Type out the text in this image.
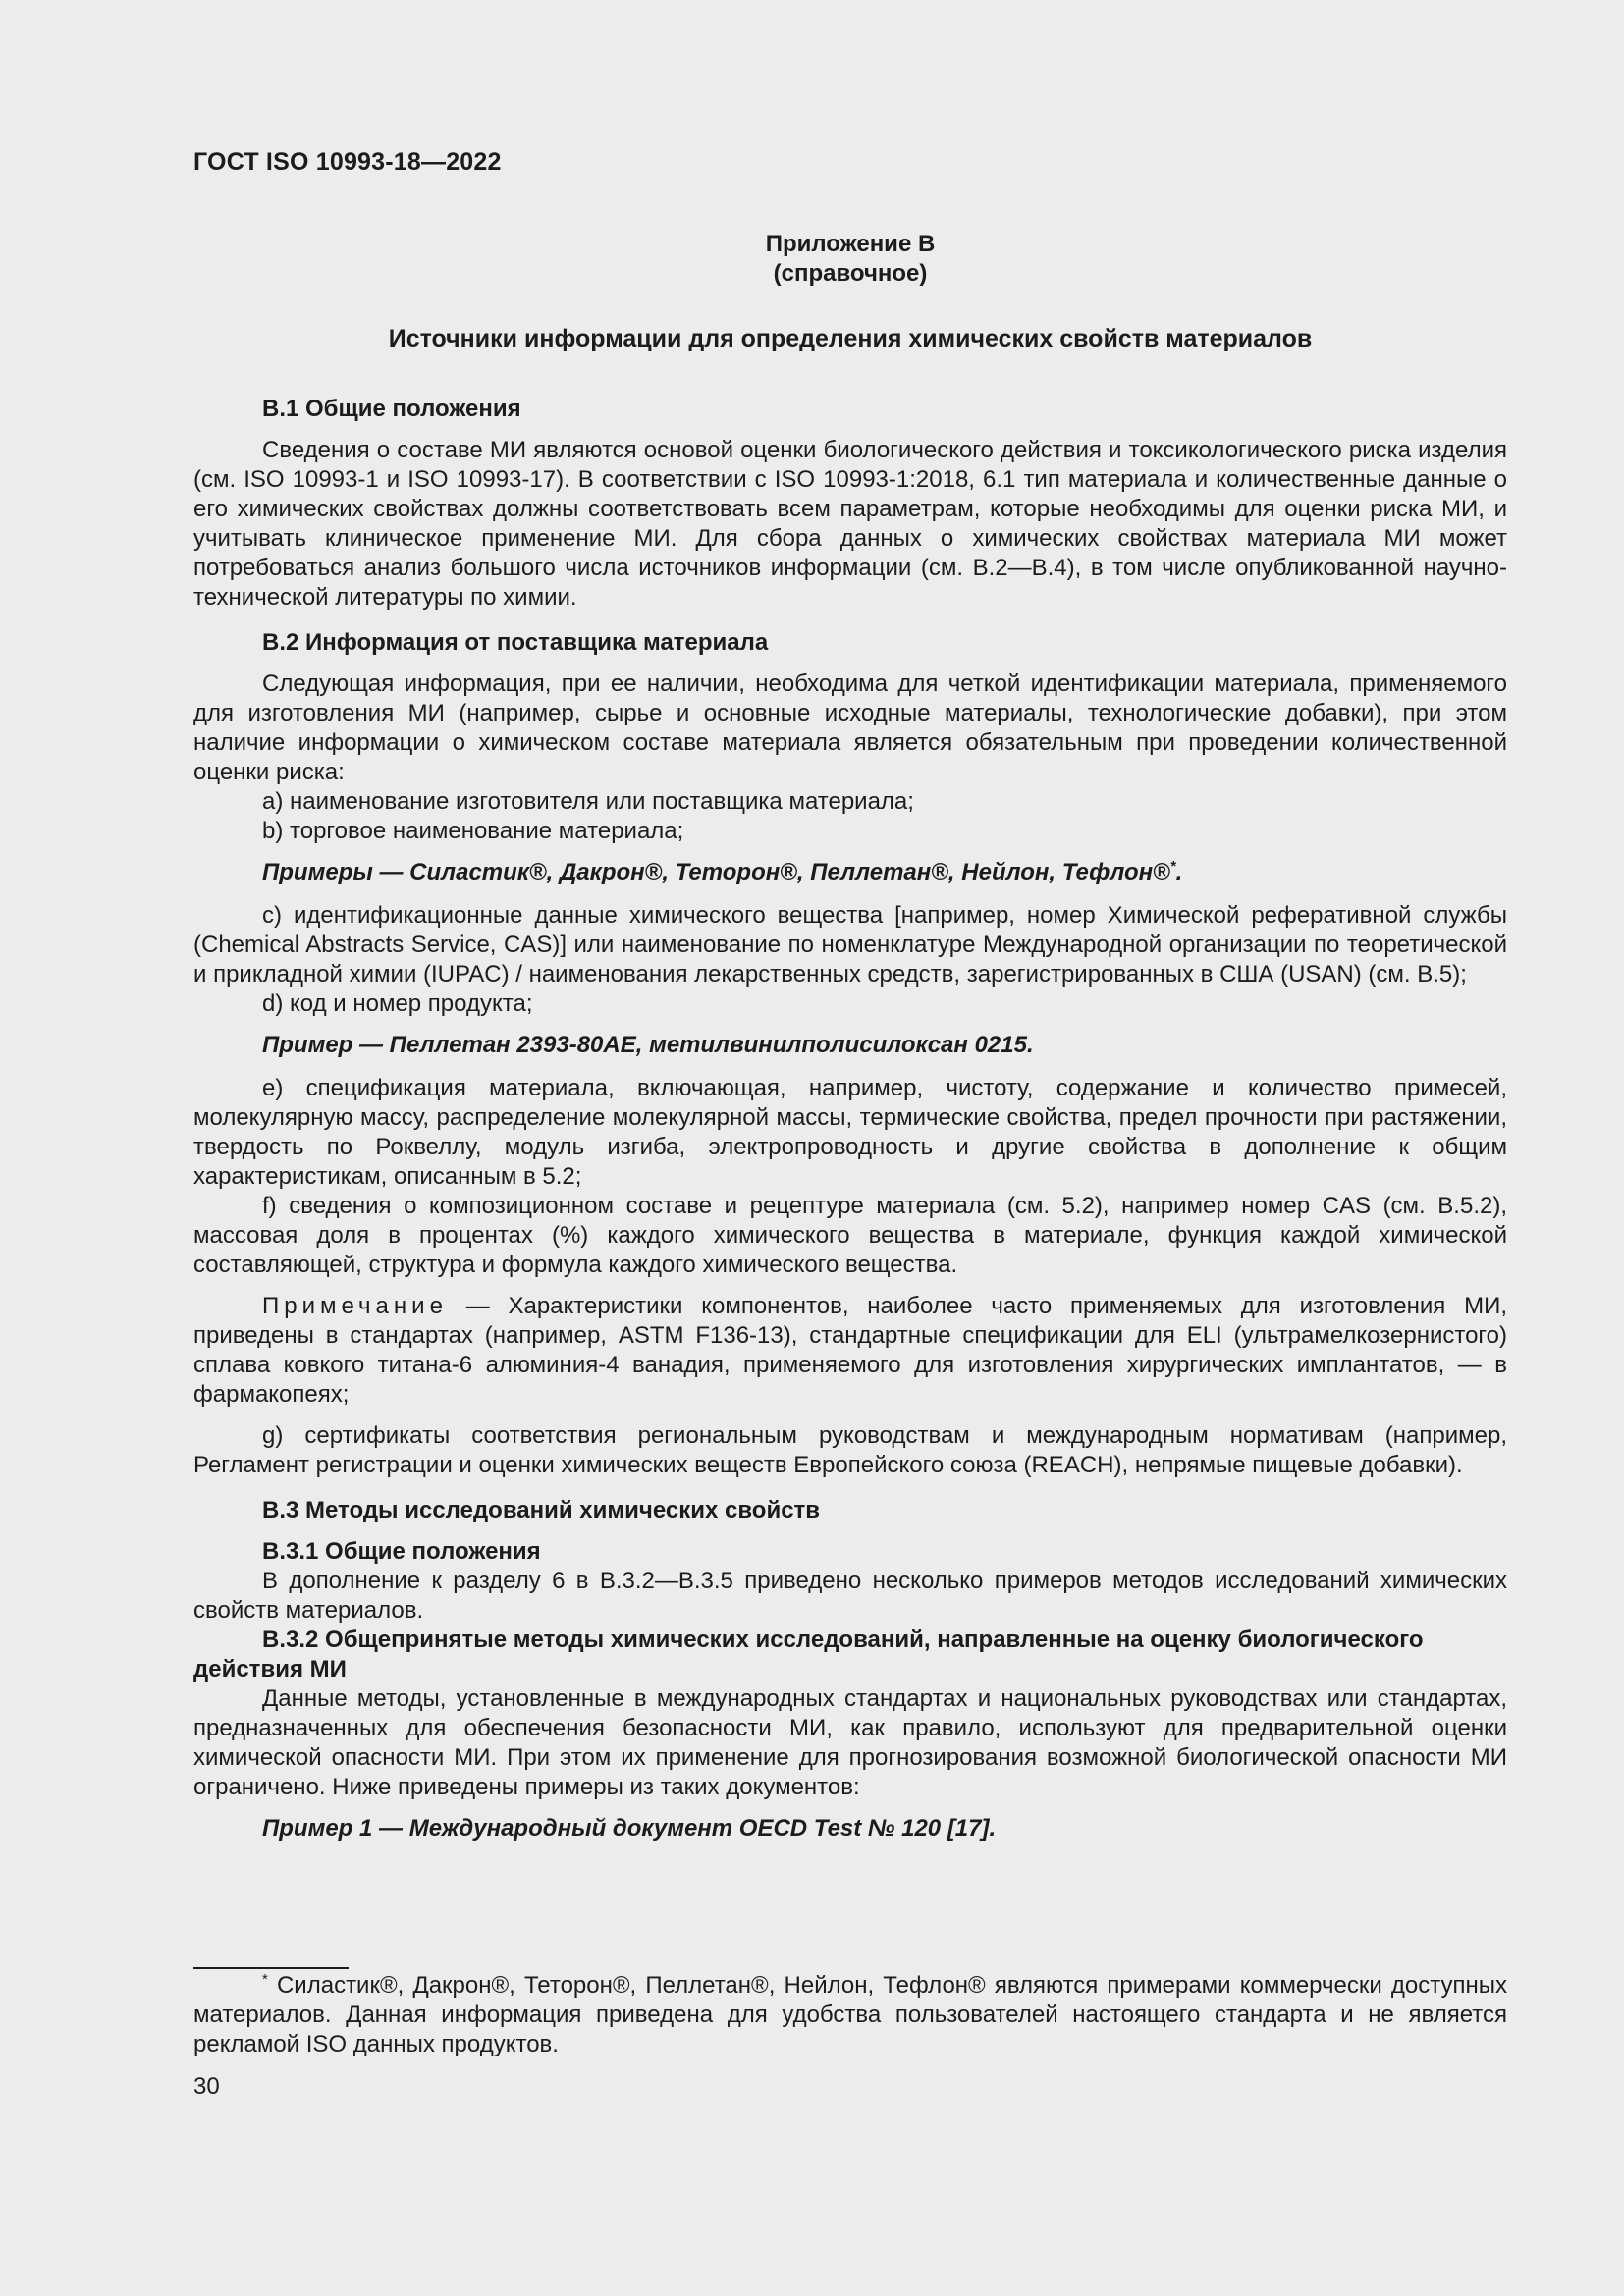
ГОСТ ISO 10993-18—2022
Приложение В
(справочное)
Источники информации для определения химических свойств материалов
В.1 Общие положения

Сведения о составе МИ являются основой оценки биологического действия и токсикологического риска изделия (см. ISO 10993-1 и ISO 10993-17). В соответствии с ISO 10993-1:2018, 6.1 тип материала и количественные данные о его химических свойствах должны соответствовать всем параметрам, которые необходимы для оценки риска МИ, и учитывать клиническое применение МИ. Для сбора данных о химических свойствах материала МИ может потребоваться анализ большого числа источников информации (см. В.2—В.4), в том числе опубликованной научно-технической литературы по химии.

В.2 Информация от поставщика материала

Следующая информация, при ее наличии, необходима для четкой идентификации материала, применяемого для изготовления МИ (например, сырье и основные исходные материалы, технологические добавки), при этом наличие информации о химическом составе материала является обязательным при проведении количественной оценки риска:

a) наименование изготовителя или поставщика материала;

b) торговое наименование материала;

Примеры — Силастик®, Дакрон®, Теторон®, Пеллетан®, Нейлон, Тефлон®*.

c) идентификационные данные химического вещества [например, номер Химической реферативной службы (Chemical Abstracts Service, CAS)] или наименование по номенклатуре Международной организации по теоретической и прикладной химии (IUPAC) / наименования лекарственных средств, зарегистрированных в США (USAN) (см. В.5);

d) код и номер продукта;

Пример — Пеллетан 2393-80АЕ, метилвинилполисилоксан 0215.

e) спецификация материала, включающая, например, чистоту, содержание и количество примесей, молекулярную массу, распределение молекулярной массы, термические свойства, предел прочности при растяжении, твердость по Роквеллу, модуль изгиба, электропроводность и другие свойства в дополнение к общим характеристикам, описанным в 5.2;

f) сведения о композиционном составе и рецептуре материала (см. 5.2), например номер CAS (см. В.5.2), массовая доля в процентах (%) каждого химического вещества в материале, функция каждой химической составляющей, структура и формула каждого химического вещества.

Примечание — Характеристики компонентов, наиболее часто применяемых для изготовления МИ, приведены в стандартах (например, ASTM F136-13), стандартные спецификации для ELI (ультрамелкозернистого) сплава ковкого титана-6 алюминия-4 ванадия, применяемого для изготовления хирургических имплантатов, — в фармакопеях;

g) сертификаты соответствия региональным руководствам и международным нормативам (например, Регламент регистрации и оценки химических веществ Европейского союза (REACH), непрямые пищевые добавки).

В.3 Методы исследований химических свойств
В.3.1 Общие положения

В дополнение к разделу 6 в В.3.2—В.3.5 приведено несколько примеров методов исследований химических свойств материалов.

В.3.2 Общепринятые методы химических исследований, направленные на оценку биологического действия МИ

Данные методы, установленные в международных стандартах и национальных руководствах или стандартах, предназначенных для обеспечения безопасности МИ, как правило, используют для предварительной оценки химической опасности МИ. При этом их применение для прогнозирования возможной биологической опасности МИ ограничено. Ниже приведены примеры из таких документов:

Пример 1 — Международный документ OECD Test № 120 [17].

* Силастик®, Дакрон®, Теторон®, Пеллетан®, Нейлон, Тефлон® являются примерами коммерчески доступных материалов. Данная информация приведена для удобства пользователей настоящего стандарта и не является рекламой ISO данных продуктов.

30
